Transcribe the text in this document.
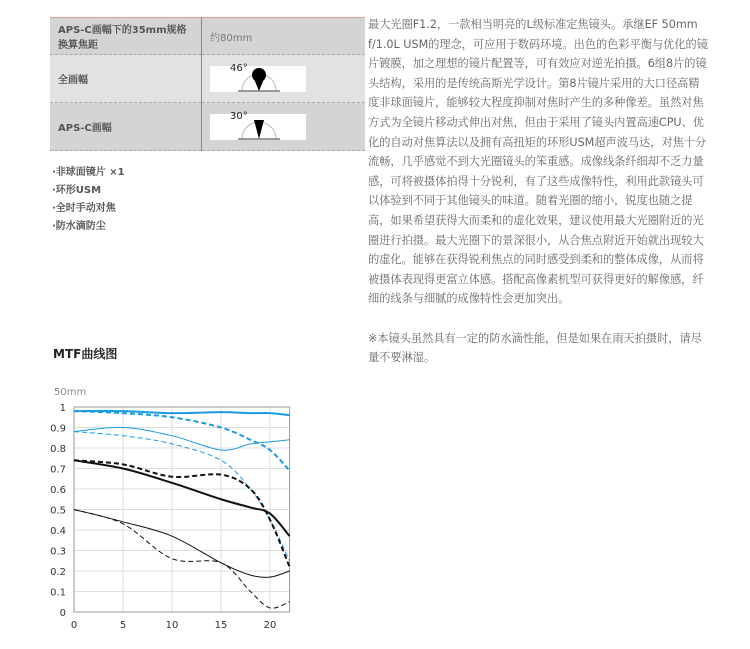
APS-C画幅下的35mm规格换算焦距	约80mm
全画幅	46°

APS-C画幅	30°
·非球面镜片 ×1
·环形USM
·全时手动对焦
·防水滴防尘

最大光圈F1.2，一款相当明亮的L级标准定焦镜头。承继EF 50mm f/1.0L USM的理念，可应用于数码环境。出色的色彩平衡与优化的镜片镀膜，加之理想的镜片配置等，可有效应对逆光拍摄。6组8片的镜头结构，采用的是传统高斯光学设计。第8片镜片采用的大口径高精度非球面镜片，能够较大程度抑制对焦时产生的多种像差。虽然对焦方式为全镜片移动式伸出对焦，但由于采用了镜头内置高速CPU、优化的自动对焦算法以及拥有高扭矩的环形USM超声波马达，对焦十分流畅，几乎感觉不到大光圈镜头的笨重感。成像线条纤细却不乏力量感，可将被摄体拍得十分锐利，有了这些成像特性，利用此款镜头可以体验到不同于其他镜头的味道。随着光圈的缩小，锐度也随之提高，如果希望获得大而柔和的虚化效果，建议使用最大光圈附近的光圈进行拍摄。最大光圈下的景深很小，从合焦点附近开始就出现较大的虚化。能够在获得锐利焦点的同时感受到柔和的整体成像，从而将被摄体表现得更富立体感。搭配高像素机型可获得更好的解像感，纤细的线条与细腻的成像特性会更加突出。

※本镜头虽然具有一定的防水滴性能，但是如果在雨天拍摄时，请尽量不要淋湿。

MTF曲线图
50mm
0
0.1
0.2
0.3
0.4
0.5
0.6
0.7
0.8
0.9
1
0	5	10	15	20
